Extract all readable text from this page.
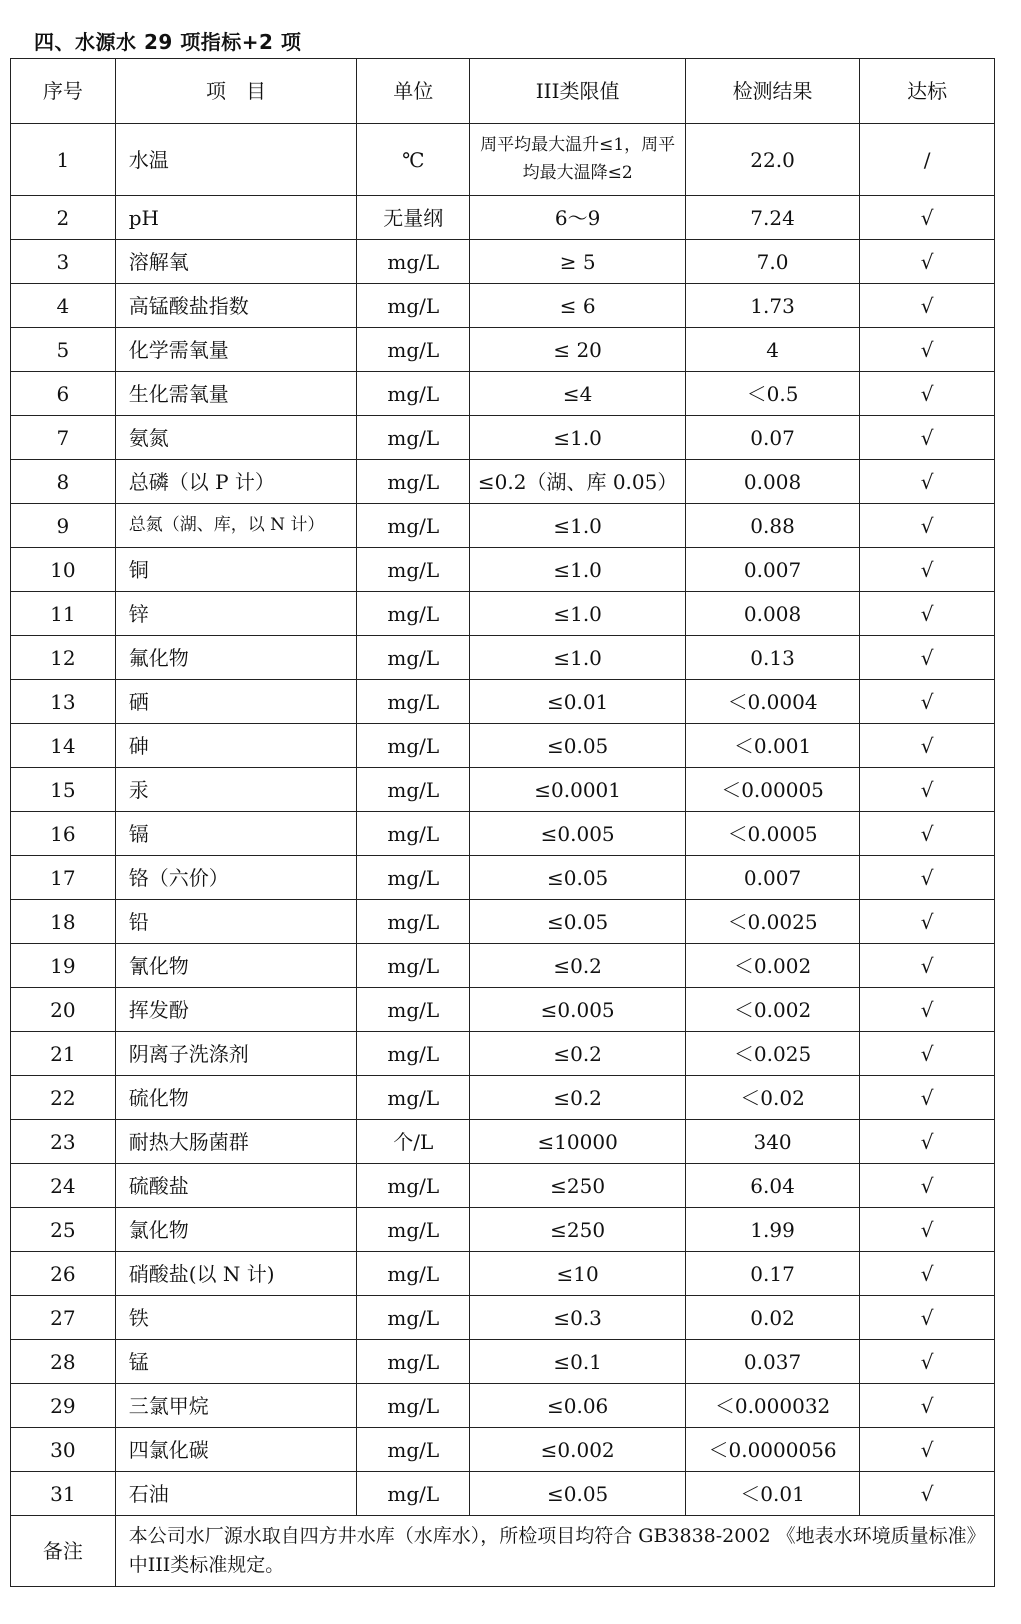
四、水源水 29 项指标+2 项
序号	项　目	单位	III类限值	检测结果	达标
1	水温	℃	周平均最大温升≤1，周平均最大温降≤2	22.0	/
2	pH	无量纲	6～9	7.24	√
3	溶解氧	mg/L	≥ 5	7.0	√
4	高锰酸盐指数	mg/L	≤ 6	1.73	√
5	化学需氧量	mg/L	≤ 20	4	√
6	生化需氧量	mg/L	≤4	＜0.5	√
7	氨氮	mg/L	≤1.0	0.07	√
8	总磷（以 P 计）	mg/L	≤0.2（湖、库 0.05）	0.008	√
9	总氮（湖、库，以 N 计）	mg/L	≤1.0	0.88	√
10	铜	mg/L	≤1.0	0.007	√
11	锌	mg/L	≤1.0	0.008	√
12	氟化物	mg/L	≤1.0	0.13	√
13	硒	mg/L	≤0.01	＜0.0004	√
14	砷	mg/L	≤0.05	＜0.001	√
15	汞	mg/L	≤0.0001	＜0.00005	√
16	镉	mg/L	≤0.005	＜0.0005	√
17	铬（六价）	mg/L	≤0.05	0.007	√
18	铅	mg/L	≤0.05	＜0.0025	√
19	氰化物	mg/L	≤0.2	＜0.002	√
20	挥发酚	mg/L	≤0.005	＜0.002	√
21	阴离子洗涤剂	mg/L	≤0.2	＜0.025	√
22	硫化物	mg/L	≤0.2	＜0.02	√
23	耐热大肠菌群	个/L	≤10000	340	√
24	硫酸盐	mg/L	≤250	6.04	√
25	氯化物	mg/L	≤250	1.99	√
26	硝酸盐(以 N 计)	mg/L	≤10	0.17	√
27	铁	mg/L	≤0.3	0.02	√
28	锰	mg/L	≤0.1	0.037	√
29	三氯甲烷	mg/L	≤0.06	＜0.000032	√
30	四氯化碳	mg/L	≤0.002	＜0.0000056	√
31	石油	mg/L	≤0.05	＜0.01	√
备注	本公司水厂源水取自四方井水库（水库水），所检项目均符合 GB3838-2002 《地表水环境质量标准》中III类标准规定。				
